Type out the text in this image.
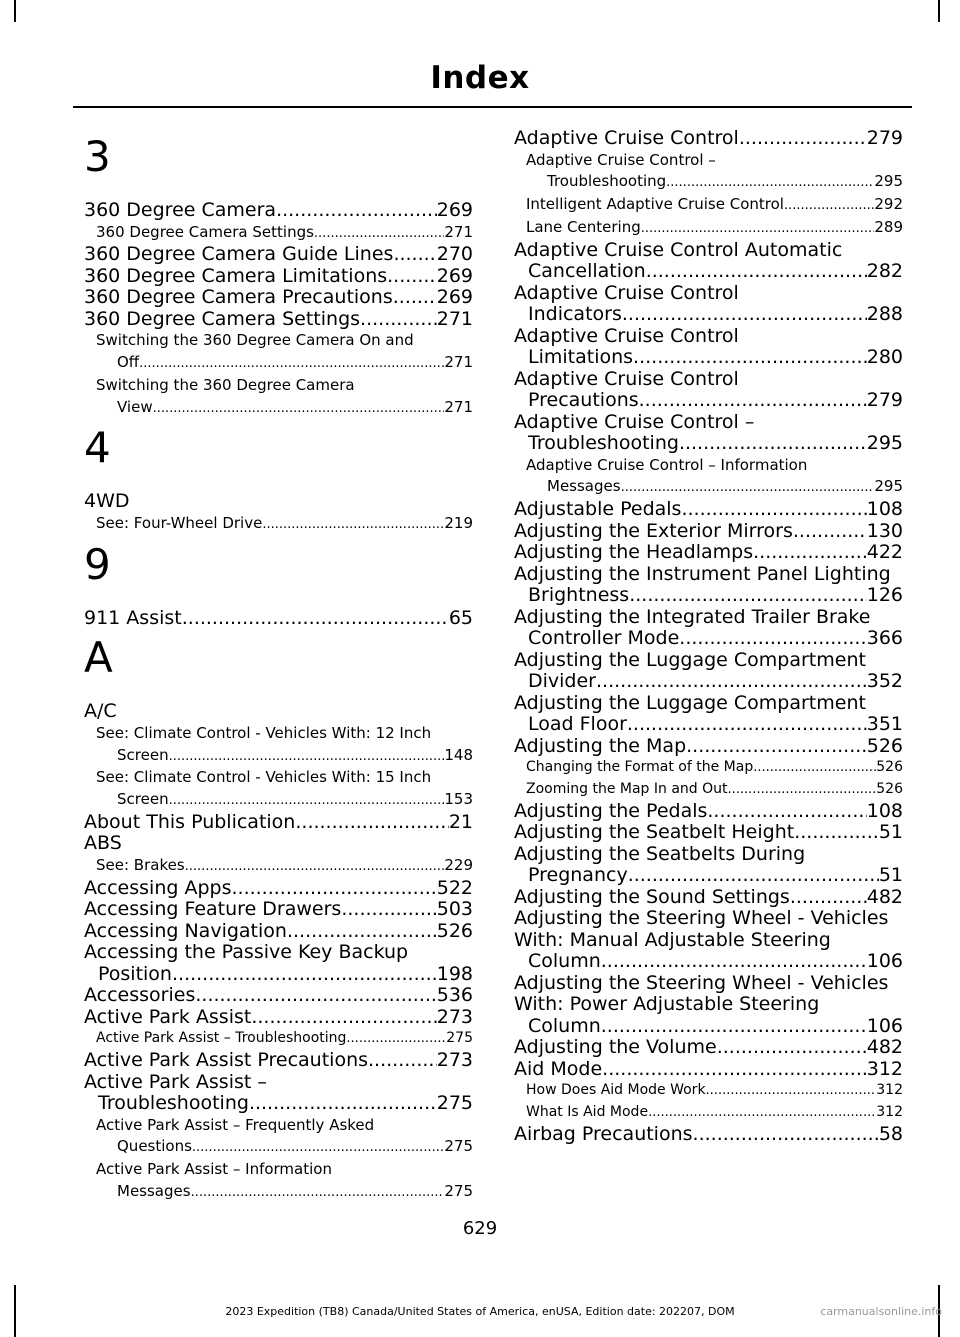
Index
3
360 Degree Camera .....	269
360 Degree Camera Settings .....	271
360 Degree Camera Guide Lines ..... 270
360 Degree Camera Limitations .....	269
360 Degree Camera Precautions ..... 269
360 Degree Camera Settings .....	271
Switching the 360 Degree Camera On and
Off .....	271
Switching the 360 Degree Camera
View .....	271
4
4WD
See: Four-Wheel Drive .....	219
9
911 Assist .....	65
A
A/C
See: Climate Control - Vehicles With: 12 Inch
Screen .....	148
See: Climate Control - Vehicles With: 15 Inch
Screen .....	153
About This Publication .....	21
ABS
See: Brakes .....	229
Accessing Apps .....	522
Accessing Feature Drawers .....	503
Accessing Navigation .....	526
Accessing the Passive Key Backup
Position .....	198
Accessories .....	536
Active Park Assist .....	273
Active Park Assist – Troubleshooting .....	275
Active Park Assist Precautions .....	273
Active Park Assist –
Troubleshooting .....	275
Active Park Assist – Frequently Asked
Questions .....	275
Active Park Assist – Information
Messages .....	275
Adaptive Cruise Control .....	279
Adaptive Cruise Control –
Troubleshooting .....	295
Intelligent Adaptive Cruise Control .....	292
Lane Centering .....	289
Adaptive Cruise Control Automatic
Cancellation .....	282
Adaptive Cruise Control
Indicators .....	288
Adaptive Cruise Control
Limitations .....	280
Adaptive Cruise Control
Precautions .....	279
Adaptive Cruise Control –
Troubleshooting .....	295
Adaptive Cruise Control – Information
Messages .....	295
Adjustable Pedals .....	108
Adjusting the Exterior Mirrors .....	130
Adjusting the Headlamps .....	422
Adjusting the Instrument Panel Lighting
Brightness .....	126
Adjusting the Integrated Trailer Brake
Controller Mode .....	366
Adjusting the Luggage Compartment
Divider .....	352
Adjusting the Luggage Compartment
Load Floor .....	351
Adjusting the Map .....	526
Changing the Format of the Map .....	526
Zooming the Map In and Out .....	526
Adjusting the Pedals .....	108
Adjusting the Seatbelt Height .....	51
Adjusting the Seatbelts During
Pregnancy .....	51
Adjusting the Sound Settings .....	482
Adjusting the Steering Wheel - Vehicles
With: Manual Adjustable Steering
Column .....	106
Adjusting the Steering Wheel - Vehicles
With: Power Adjustable Steering
Column .....	106
Adjusting the Volume .....	482
Aid Mode .....	312
How Does Aid Mode Work .....	312
What Is Aid Mode .....	312
Airbag Precautions .....	58
629
2023 Expedition (TB8) Canada/United States of America, enUSA, Edition date: 202207, DOM	carmanualsonline.info
